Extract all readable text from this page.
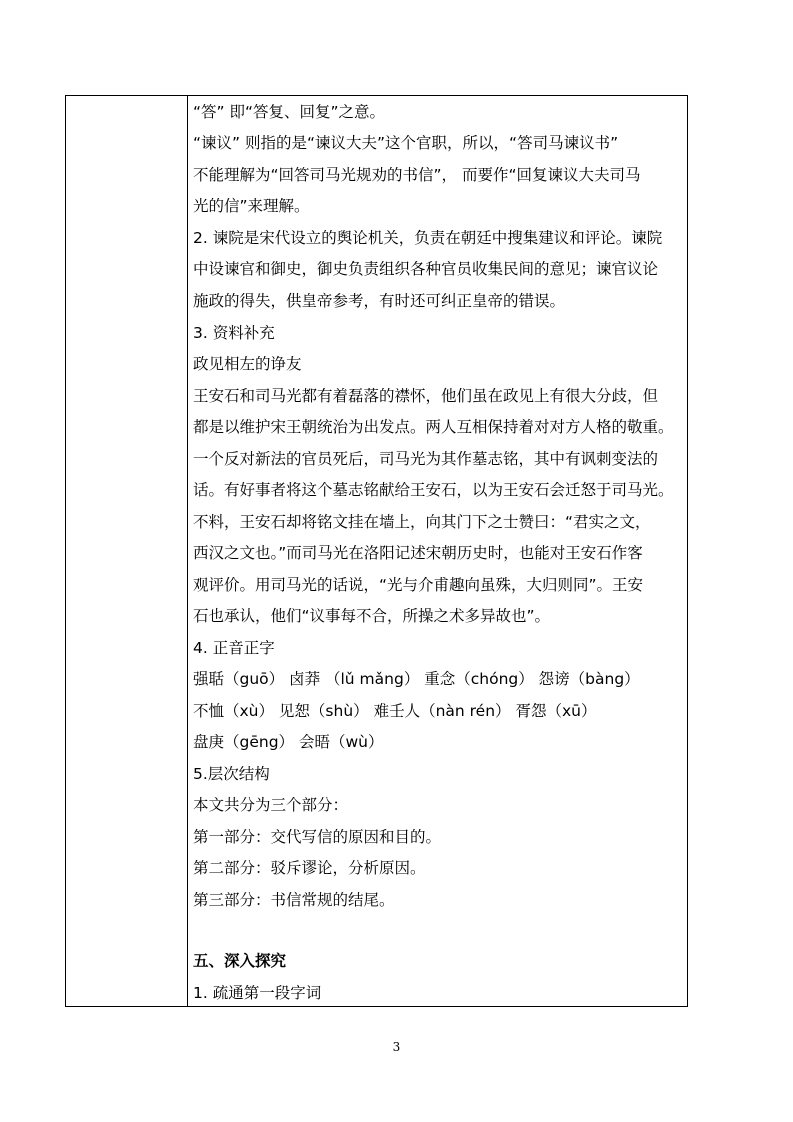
“答” 即“答复、回复”之意。
“谏议” 则指的是“谏议大夫”这个官职，所以，“答司马谏议书”
不能理解为“回答司马光规劝的书信”， 而要作“回复谏议大夫司马
光的信”来理解。
2. 谏院是宋代设立的舆论机关，负责在朝廷中搜集建议和评论。谏院
中设谏官和御史，御史负责组织各种官员收集民间的意见；谏官议论
施政的得失，供皇帝参考，有时还可纠正皇帝的错误。
3. 资料补充
政见相左的诤友
王安石和司马光都有着磊落的襟怀，他们虽在政见上有很大分歧，但
都是以维护宋王朝统治为出发点。两人互相保持着对对方人格的敬重。
一个反对新法的官员死后，司马光为其作墓志铭，其中有讽刺变法的
话。有好事者将这个墓志铭献给王安石，以为王安石会迁怒于司马光。
不料，王安石却将铭文挂在墙上，向其门下之士赞曰：“君实之文，
西汉之文也。”而司马光在洛阳记述宋朝历史时，也能对王安石作客
观评价。用司马光的话说，“光与介甫趣向虽殊，大归则同”。王安
石也承认，他们“议事每不合，所操之术多异故也”。
4. 正音正字
强聒（guō） 卤莽 （lǔ mǎng） 重念（chóng） 怨谤（bàng）
不恤（xù） 见恕（shù） 难壬人（nàn rén） 胥怨（xū）
盘庚（gēng） 会晤（wù）
5.层次结构
本文共分为三个部分：
第一部分：交代写信的原因和目的。
第二部分：驳斥谬论，分析原因。
第三部分：书信常规的结尾。
五、深入探究
1. 疏通第一段字词
3
